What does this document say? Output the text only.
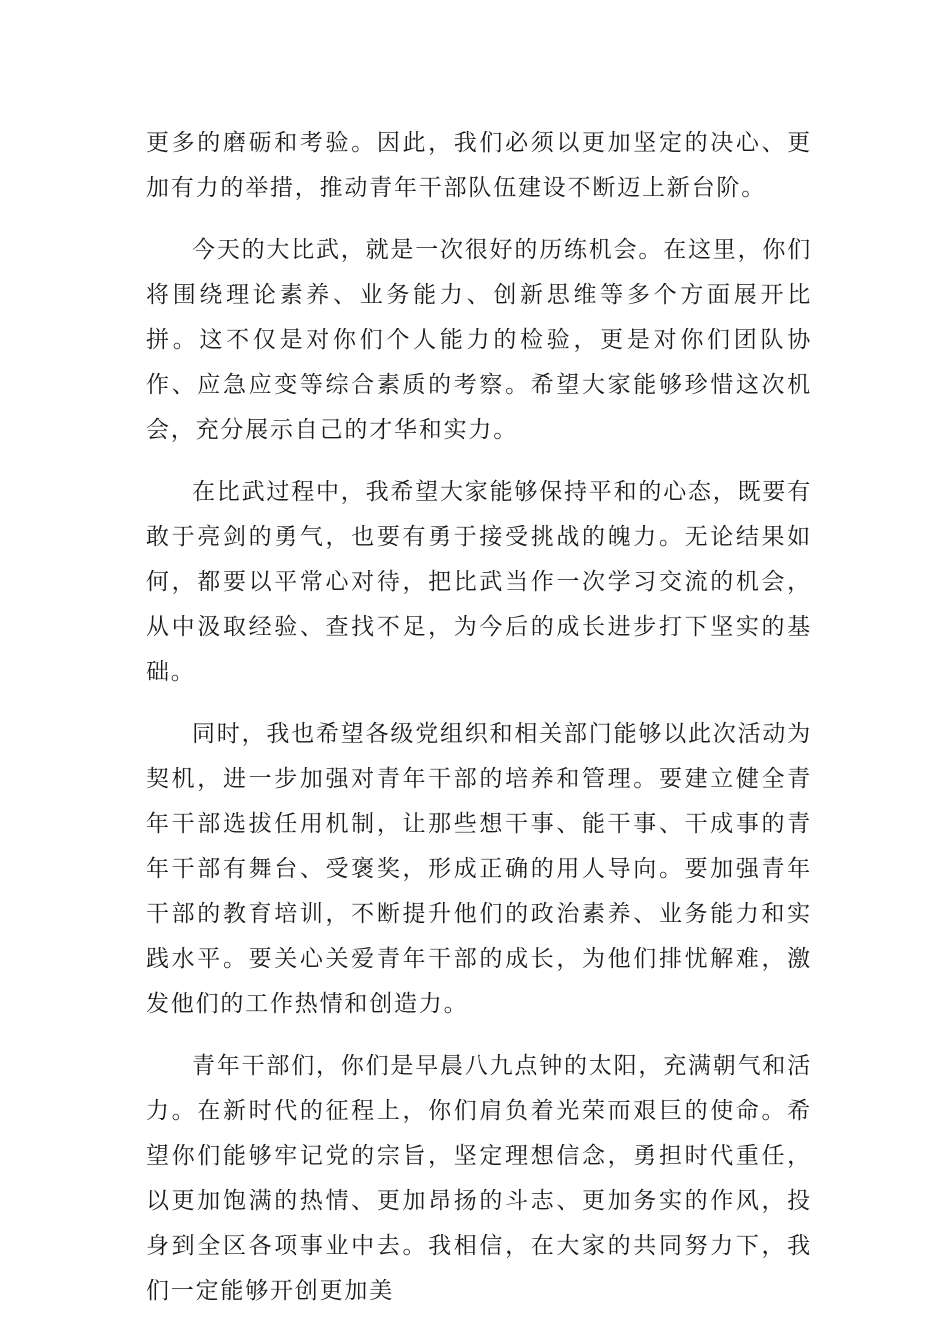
更多的磨砺和考验。因此，我们必须以更加坚定的决心、更加有力的举措，推动青年干部队伍建设不断迈上新台阶。

今天的大比武，就是一次很好的历练机会。在这里，你们将围绕理论素养、业务能力、创新思维等多个方面展开比拼。这不仅是对你们个人能力的检验，更是对你们团队协作、应急应变等综合素质的考察。希望大家能够珍惜这次机会，充分展示自己的才华和实力。

在比武过程中，我希望大家能够保持平和的心态，既要有敢于亮剑的勇气，也要有勇于接受挑战的魄力。无论结果如何，都要以平常心对待，把比武当作一次学习交流的机会，从中汲取经验、查找不足，为今后的成长进步打下坚实的基础。

同时，我也希望各级党组织和相关部门能够以此次活动为契机，进一步加强对青年干部的培养和管理。要建立健全青年干部选拔任用机制，让那些想干事、能干事、干成事的青年干部有舞台、受褒奖，形成正确的用人导向。要加强青年干部的教育培训，不断提升他们的政治素养、业务能力和实践水平。要关心关爱青年干部的成长，为他们排忧解难，激发他们的工作热情和创造力。

青年干部们，你们是早晨八九点钟的太阳，充满朝气和活力。在新时代的征程上，你们肩负着光荣而艰巨的使命。希望你们能够牢记党的宗旨，坚定理想信念，勇担时代重任，以更加饱满的热情、更加昂扬的斗志、更加务实的作风，投身到全区各项事业中去。我相信，在大家的共同努力下，我们一定能够开创更加美
